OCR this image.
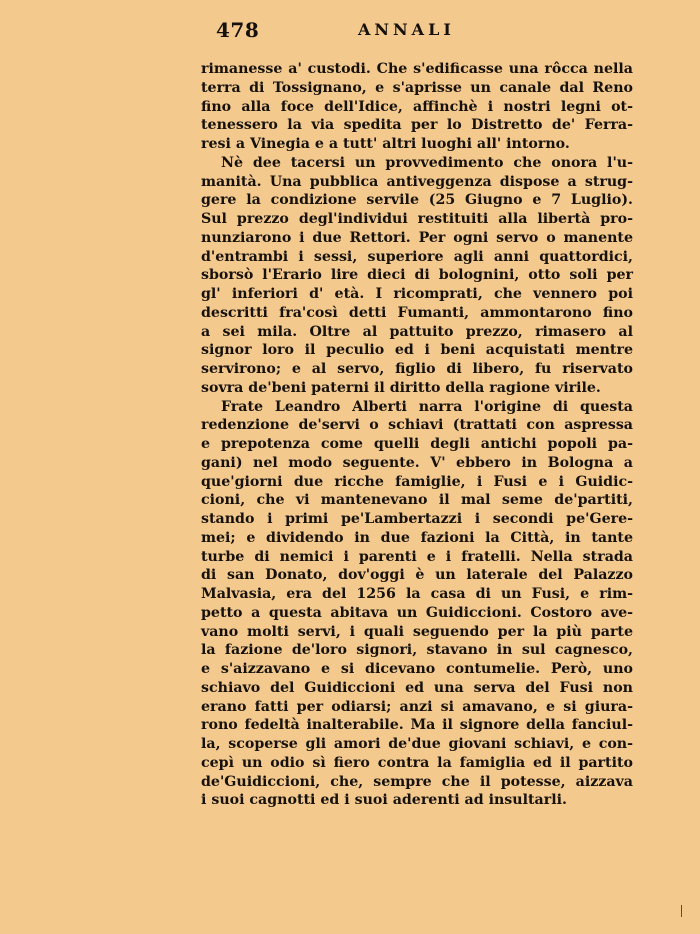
478	ANNALI
rimanesse a' custodi. Che s'edificasse una rôcca nella
terra di Tossignano, e s'aprisse un canale dal Reno
fino alla foce dell'Idice, affinchè i nostri legni ot-
tenessero la via spedita per lo Distretto de' Ferra-
resi a Vinegia e a tutt' altri luoghi all' intorno.
Nè dee tacersi un provvedimento che onora l'u-
manità. Una pubblica antiveggenza dispose a strug-
gere la condizione servile (25 Giugno e 7 Luglio).
Sul prezzo degl'individui restituiti alla libertà pro-
nunziarono i due Rettori. Per ogni servo o manente
d'entrambi i sessi, superiore agli anni quattordici,
sborsò l'Erario lire dieci di bolognini, otto soli per
gl' inferiori d' età. I ricomprati, che vennero poi
descritti fra'così detti Fumanti, ammontarono fino
a sei mila. Oltre al pattuito prezzo, rimasero al
signor loro il peculio ed i beni acquistati mentre
servirono; e al servo, figlio di libero, fu riservato
sovra de'beni paterni il diritto della ragione virile.
Frate Leandro Alberti narra l'origine di questa
redenzione de'servi o schiavi (trattati con aspressa
e prepotenza come quelli degli antichi popoli pa-
gani) nel modo seguente. V' ebbero in Bologna a
que'giorni due ricche famiglie, i Fusi e i Guidic-
cioni, che vi mantenevano il mal seme de'partiti,
stando i primi pe'Lambertazzi i secondi pe'Gere-
mei; e dividendo in due fazioni la Città, in tante
turbe di nemici i parenti e i fratelli. Nella strada
di san Donato, dov'oggi è un laterale del Palazzo
Malvasia, era del 1256 la casa di un Fusi, e rim-
petto a questa abitava un Guidiccioni. Costoro ave-
vano molti servi, i quali seguendo per la più parte
la fazione de'loro signori, stavano in sul cagnesco,
e s'aizzavano e si dicevano contumelie. Però, uno
schiavo del Guidiccioni ed una serva del Fusi non
erano fatti per odiarsi; anzi si amavano, e si giura-
rono fedeltà inalterabile. Ma il signore della fanciul-
la, scoperse gli amori de'due giovani schiavi, e con-
cepì un odio sì fiero contra la famiglia ed il partito
de'Guidiccioni, che, sempre che il potesse, aizzava
i suoi cagnotti ed i suoi aderenti ad insultarli.
